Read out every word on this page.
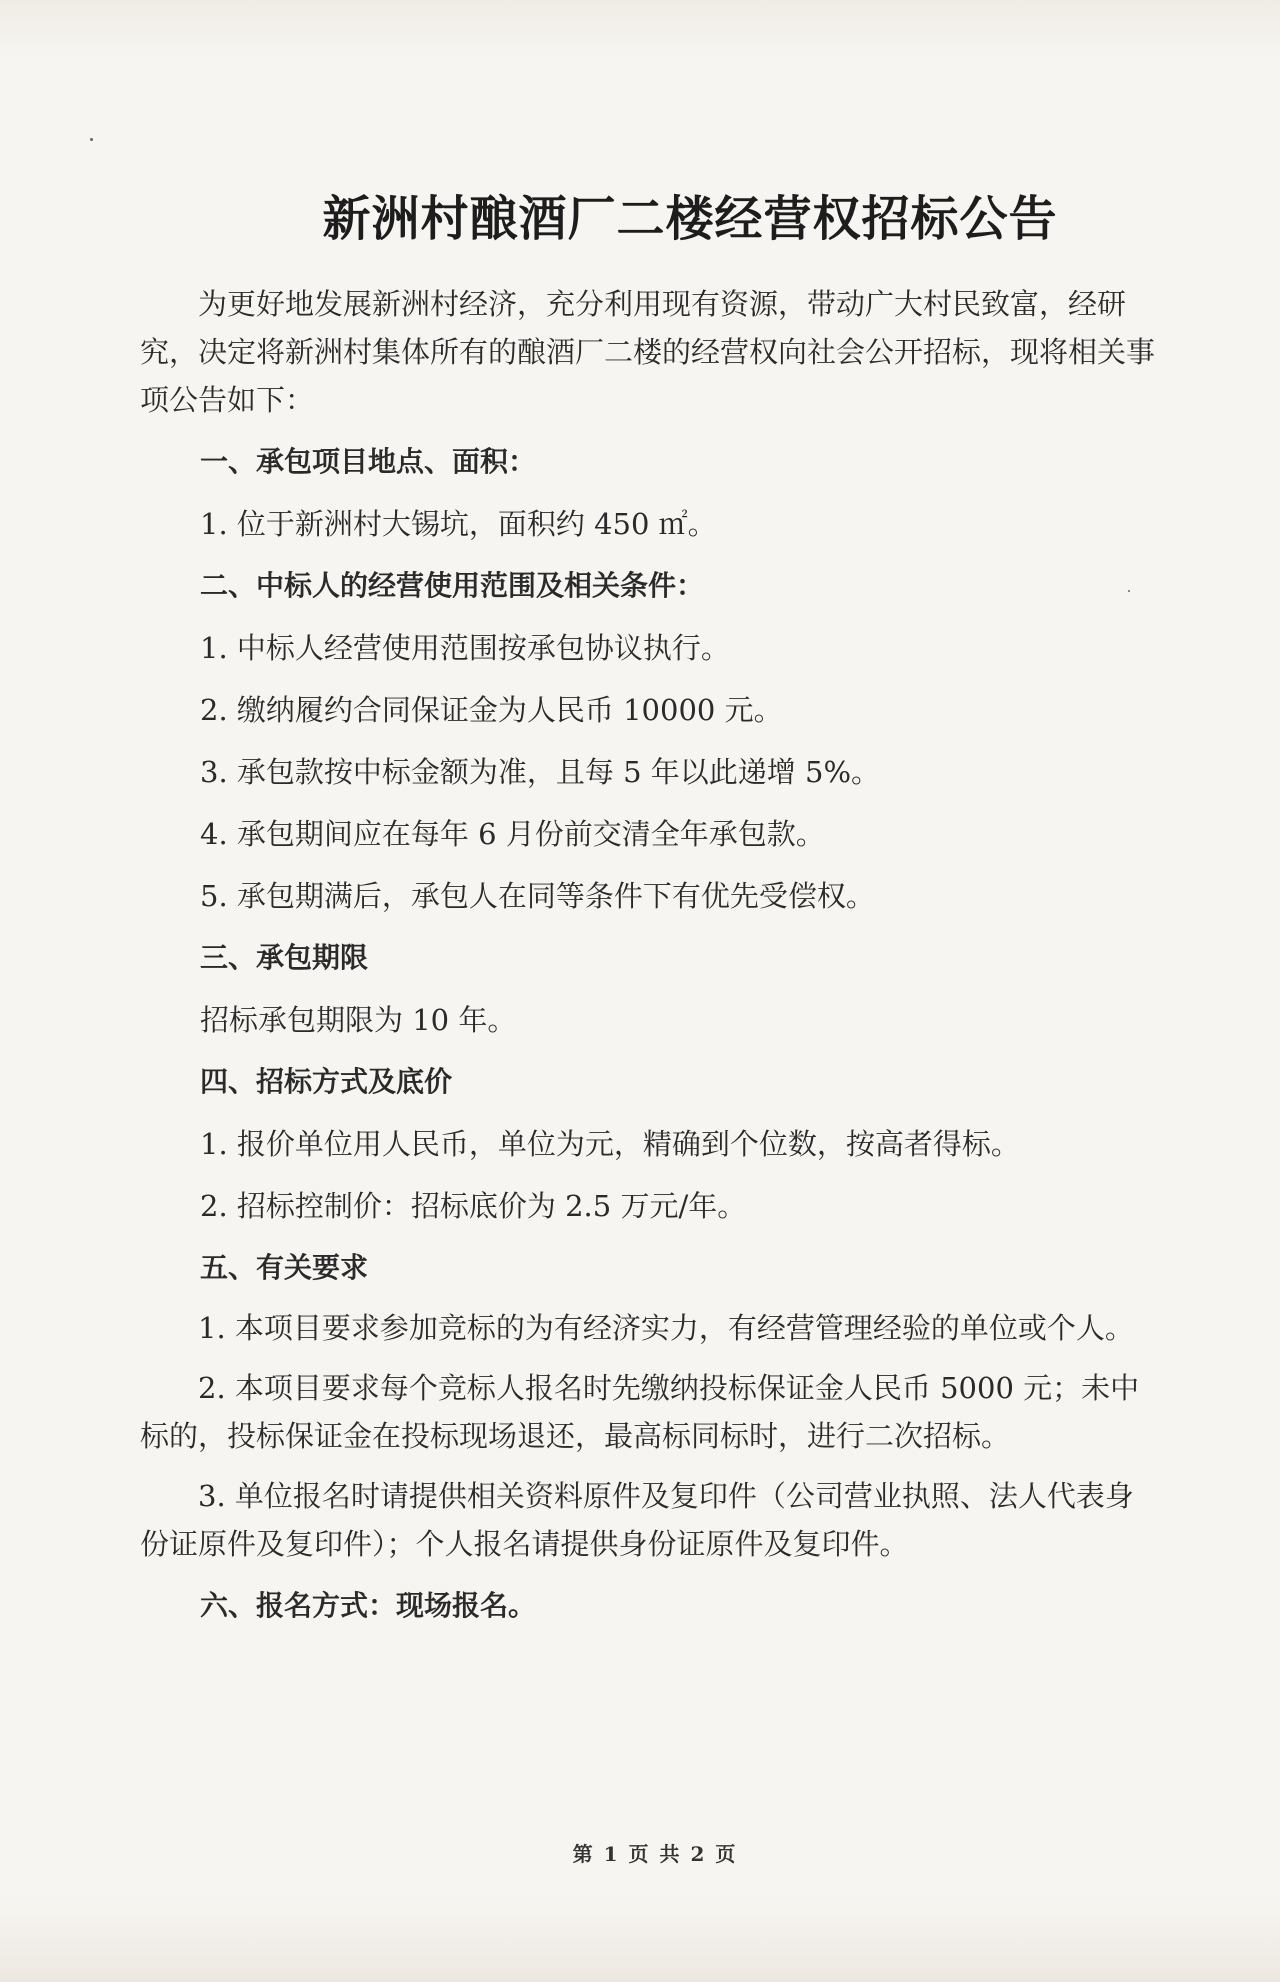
新洲村酿酒厂二楼经营权招标公告

为更好地发展新洲村经济，充分利用现有资源，带动广大村民致富，经研究，决定将新洲村集体所有的酿酒厂二楼的经营权向社会公开招标，现将相关事项公告如下：

一、承包项目地点、面积：

1. 位于新洲村大锡坑，面积约 450 ㎡。

二、中标人的经营使用范围及相关条件：

1. 中标人经营使用范围按承包协议执行。

2. 缴纳履约合同保证金为人民币 10000 元。

3. 承包款按中标金额为准，且每 5 年以此递增 5%。

4. 承包期间应在每年 6 月份前交清全年承包款。

5. 承包期满后，承包人在同等条件下有优先受偿权。

三、承包期限

招标承包期限为 10 年。

四、招标方式及底价

1. 报价单位用人民币，单位为元，精确到个位数，按高者得标。

2. 招标控制价：招标底价为 2.5 万元/年。

五、有关要求

1. 本项目要求参加竞标的为有经济实力，有经营管理经验的单位或个人。

2. 本项目要求每个竞标人报名时先缴纳投标保证金人民币 5000 元；未中标的，投标保证金在投标现场退还，最高标同标时，进行二次招标。

3. 单位报名时请提供相关资料原件及复印件（公司营业执照、法人代表身份证原件及复印件）；个人报名请提供身份证原件及复印件。

六、报名方式：现场报名。

第 1 页 共 2 页
